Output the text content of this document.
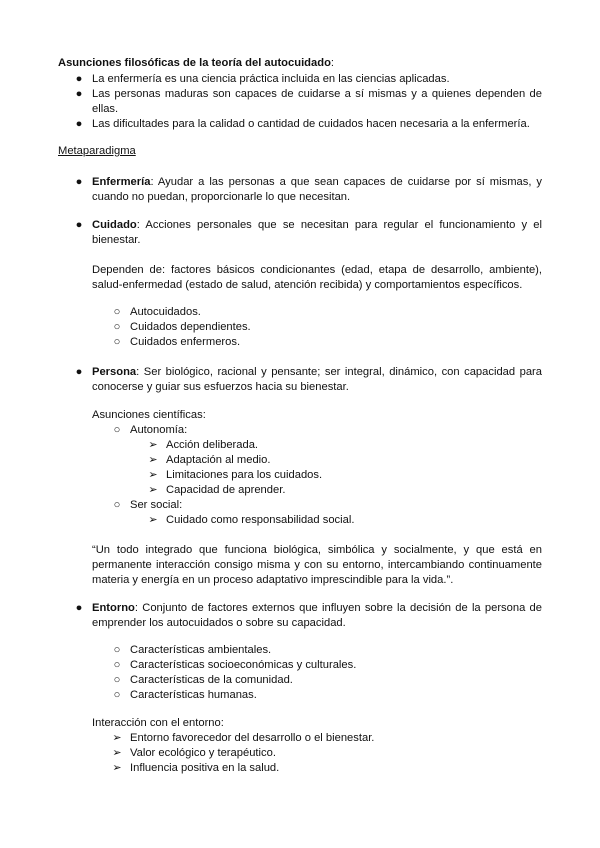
Asunciones filosóficas de la teoría del autocuidado:

● La enfermería es una ciencia práctica incluida en las ciencias aplicadas.

● Las personas maduras son capaces de cuidarse a sí mismas y a quienes dependen de ellas.

● Las dificultades para la calidad o cantidad de cuidados hacen necesaria a la enfermería.

Metaparadigma

● Enfermería: Ayudar a las personas a que sean capaces de cuidarse por sí mismas, y cuando no puedan, proporcionarle lo que necesitan.

● Cuidado: Acciones personales que se necesitan para regular el funcionamiento y el bienestar.

Dependen de: factores básicos condicionantes (edad, etapa de desarrollo, ambiente), salud-enfermedad (estado de salud, atención recibida) y comportamientos específicos.

○ Autocuidados.
○ Cuidados dependientes.
○ Cuidados enfermeros.
● Persona: Ser biológico, racional y pensante; ser integral, dinámico, con capacidad para conocerse y guiar sus esfuerzos hacia su bienestar.

Asunciones científicas:
○ Autonomía:
➢ Acción deliberada.
➢ Adaptación al medio.
➢ Limitaciones para los cuidados.
➢ Capacidad de aprender.
○ Ser social:
➢ Cuidado como responsabilidad social.

“Un todo integrado que funciona biológica, simbólica y socialmente, y que está en permanente interacción consigo misma y con su entorno, intercambiando continuamente materia y energía en un proceso adaptativo imprescindible para la vida.”.

● Entorno: Conjunto de factores externos que influyen sobre la decisión de la persona de emprender los autocuidados o sobre su capacidad.

○ Características ambientales.
○ Características socioeconómicas y culturales.
○ Características de la comunidad.
○ Características humanas.
Interacción con el entorno:
➢ Entorno favorecedor del desarrollo o el bienestar.
➢ Valor ecológico y terapéutico.
➢ Influencia positiva en la salud.
